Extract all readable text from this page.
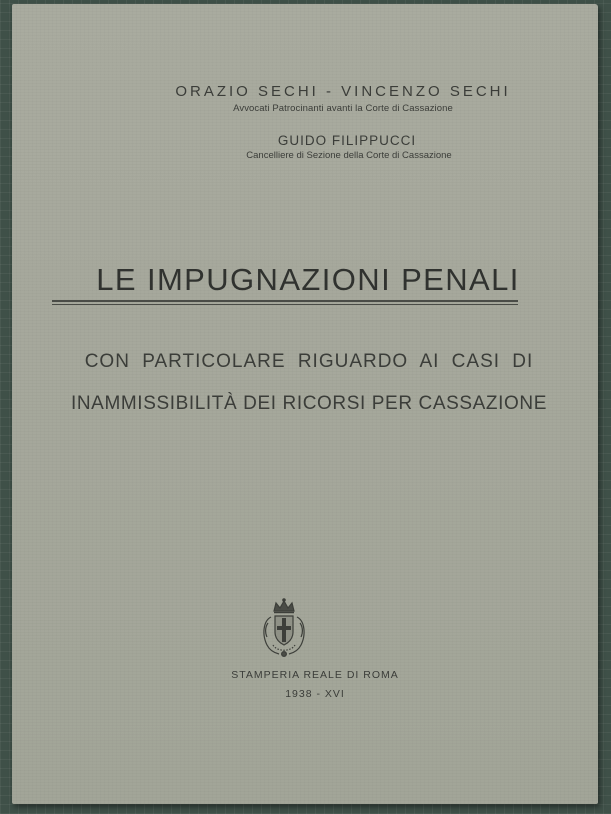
ORAZIO SECHI - VINCENZO SECHI
Avvocati Patrocinanti avanti la Corte di Cassazione
GUIDO FILIPPUCCI
Cancelliere di Sezione della Corte di Cassazione
LE IMPUGNAZIONI PENALI
CON PARTICOLARE RIGUARDO AI CASI DI
INAMMISSIBILITÀ DEI RICORSI PER CASSAZIONE
STAMPERIA REALE DI ROMA
1938 - XVI
